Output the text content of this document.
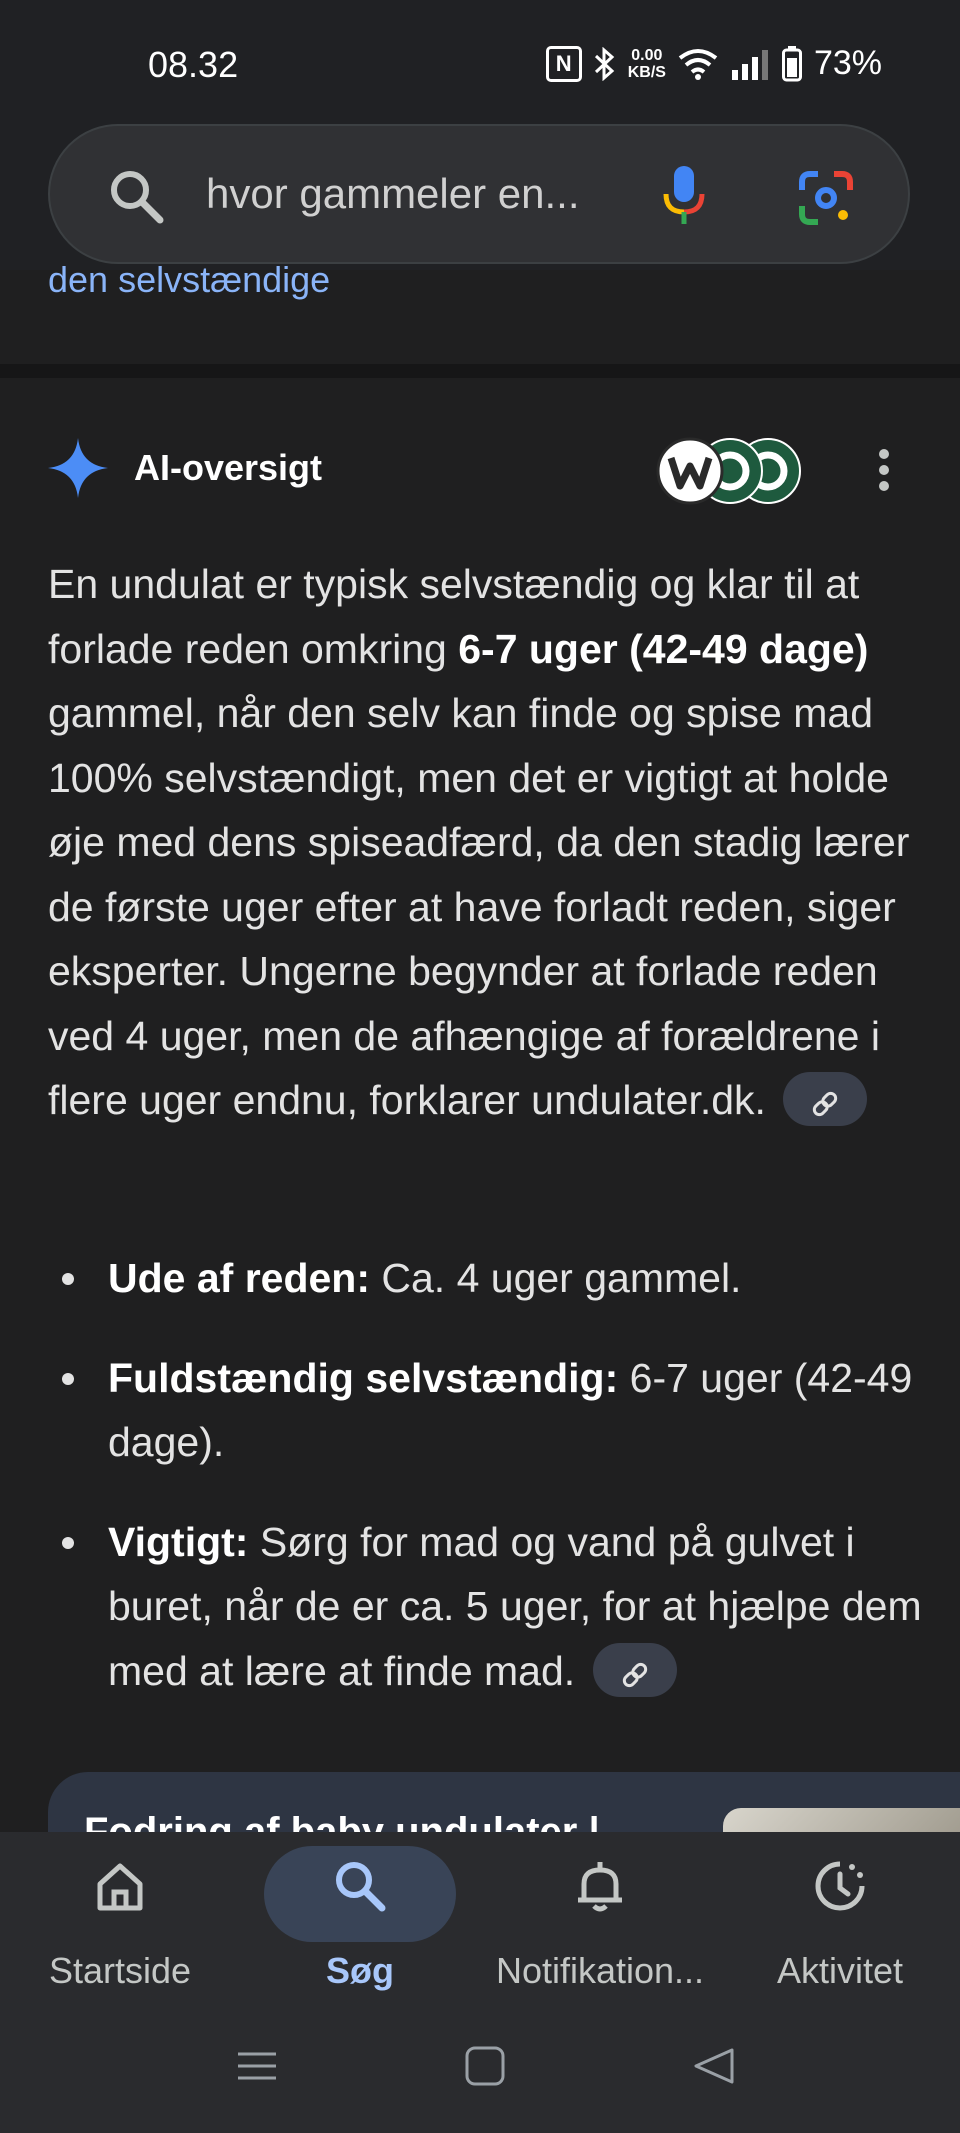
08.32	N	0.00
KB/S	73%
hvor gammeler en...
den selvstændige
AI-oversigt
En undulat er typisk selvstændig og klar til at forlade reden omkring 6-7 uger (42-49 dage) gammel, når den selv kan finde og spise mad 100% selvstændigt, men det er vigtigt at holde øje med dens spiseadfærd, da den stadig lærer de første uger efter at have forladt reden, siger eksperter. Ungerne begynder at forlade reden ved 4 uger, men de afhængige af forældrene i flere uger endnu, forklarer undulater.dk.
Ude af reden: Ca. 4 uger gammel.
Fuldstændig selvstændig: 6-7 uger (42-49 dage).
Vigtigt: Sørg for mad og vand på gulvet i buret, når de er ca. 5 uger, for at hjælpe dem med at lære at finde mad.
Startside	Søg	Notifikation...	Aktivitet
